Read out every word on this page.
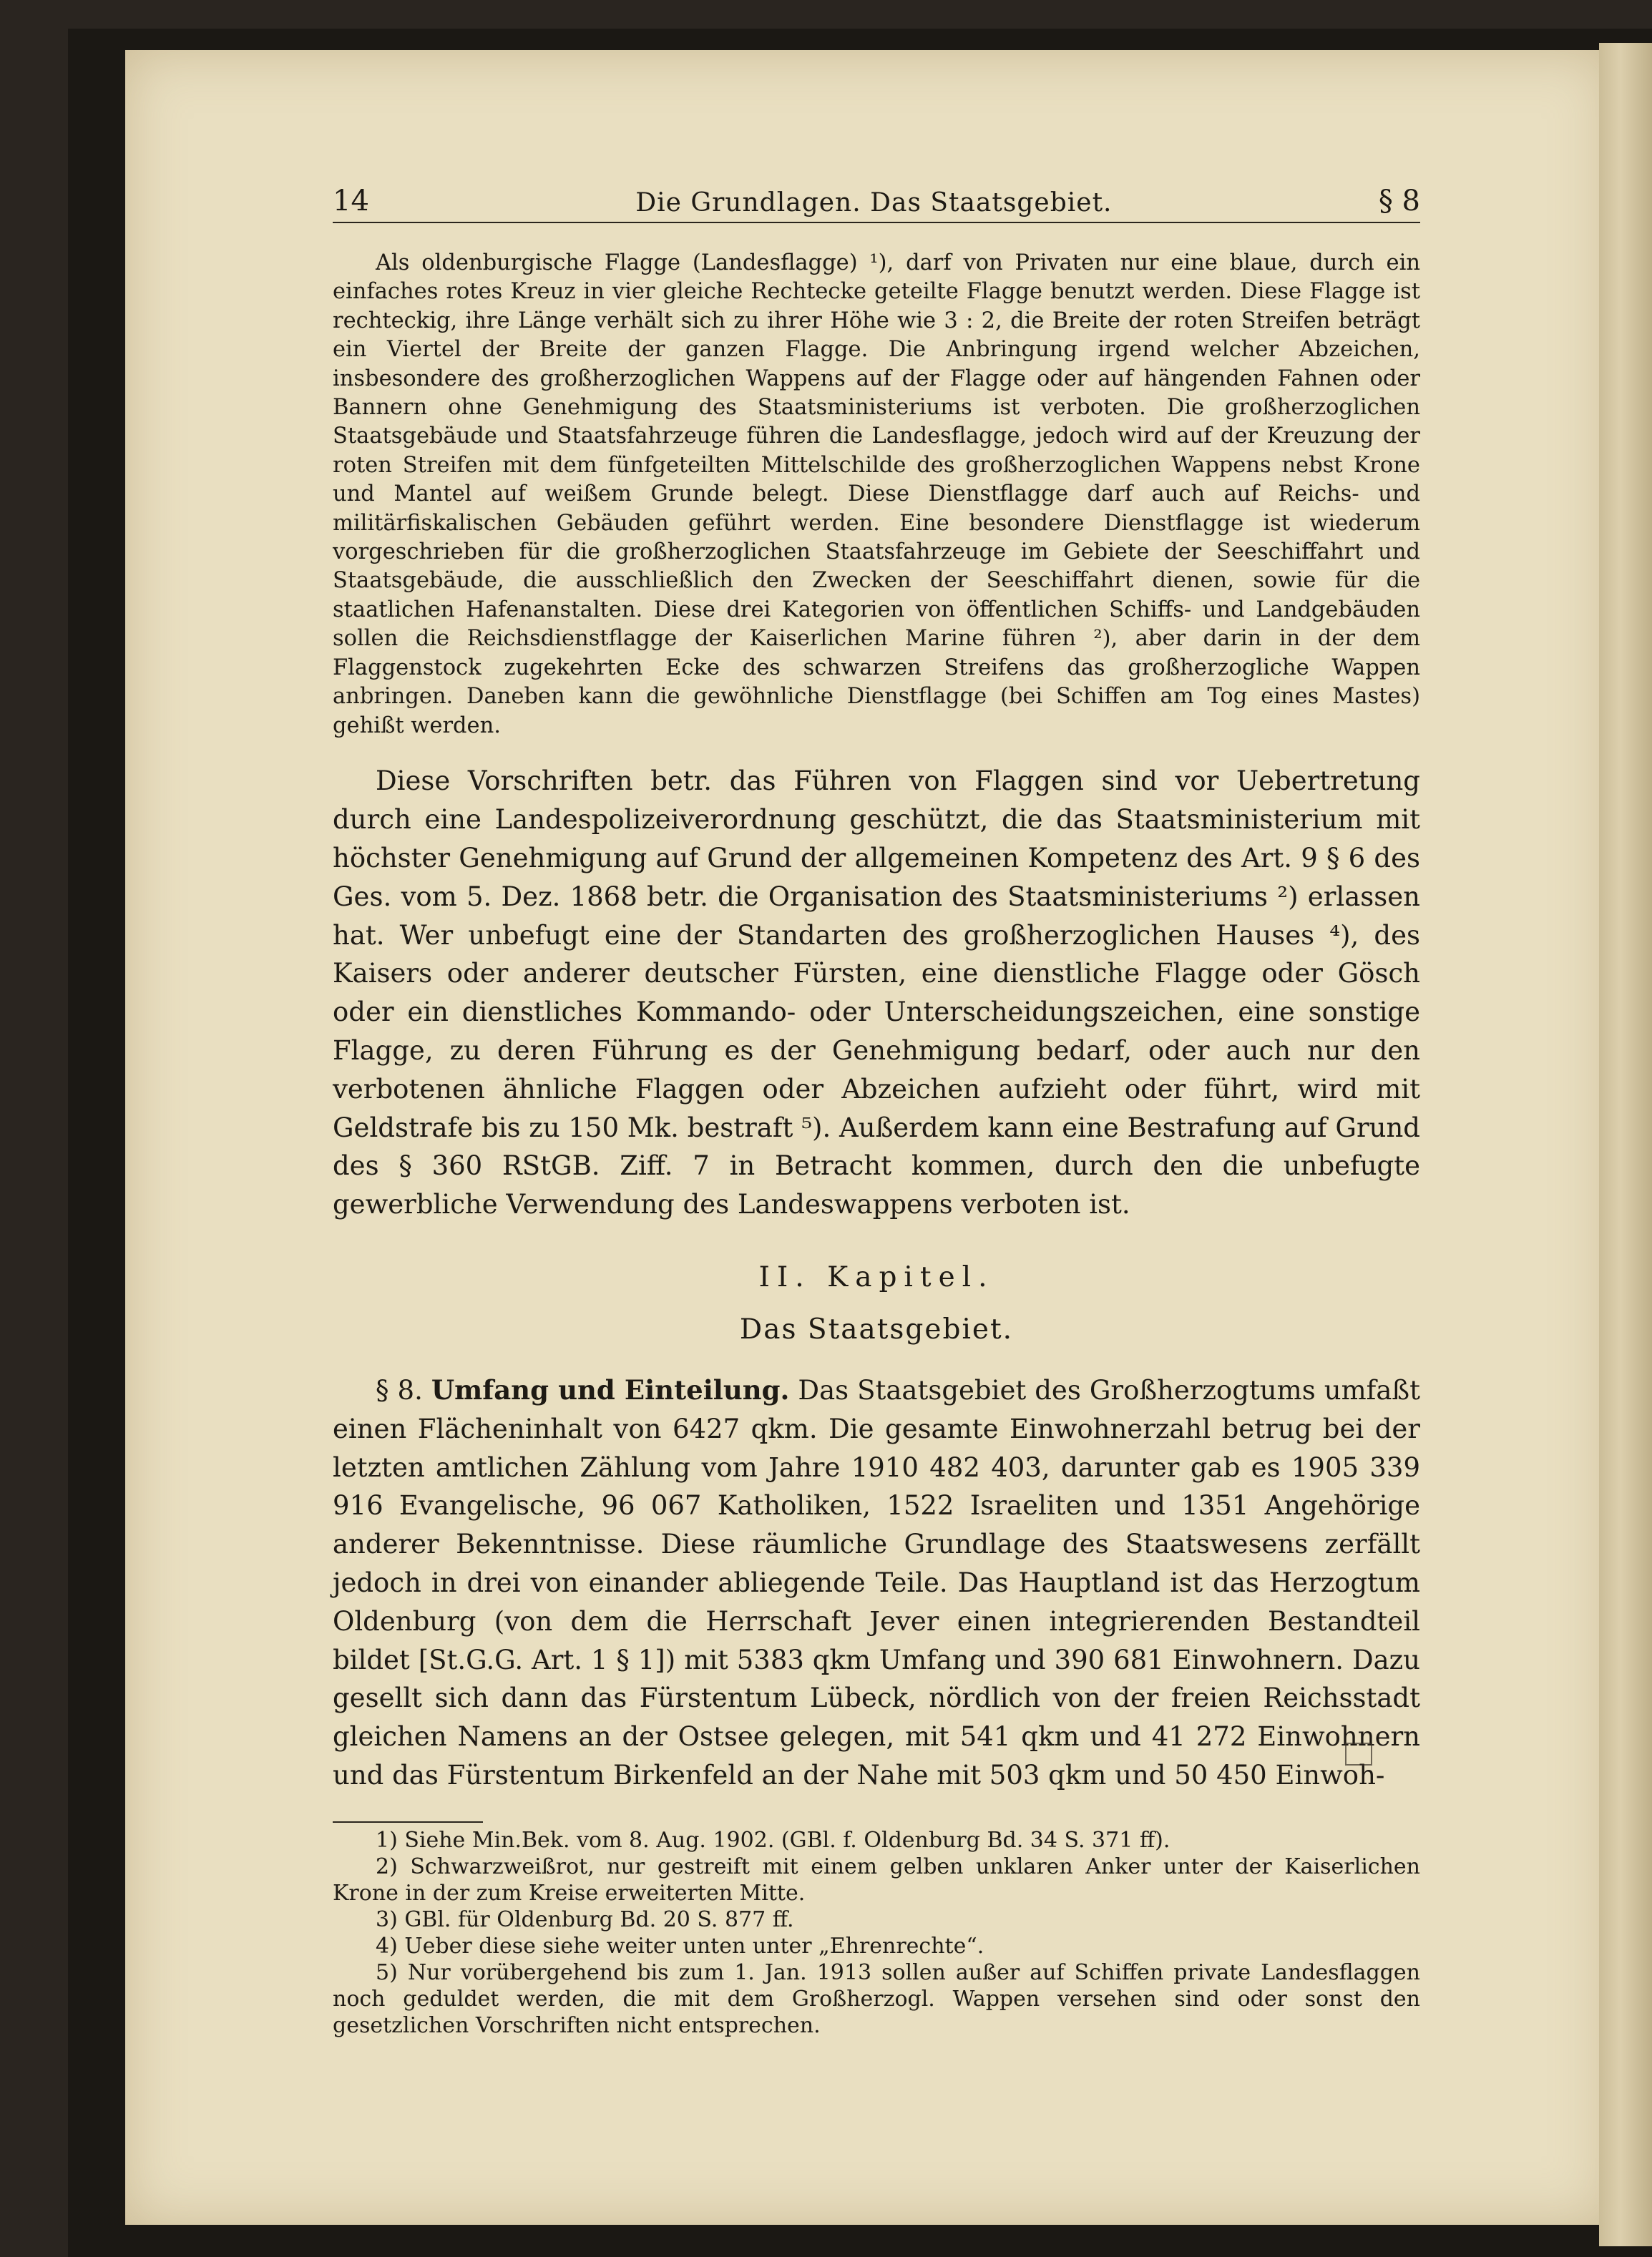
14	Die Grundlagen. Das Staatsgebiet.	§ 8

Als oldenburgische Flagge (Landesflagge) ¹), darf von Privaten nur eine blaue, durch ein einfaches rotes Kreuz in vier gleiche Rechtecke geteilte Flagge benutzt werden. Diese Flagge ist rechteckig, ihre Länge verhält sich zu ihrer Höhe wie 3 : 2, die Breite der roten Streifen beträgt ein Viertel der Breite der ganzen Flagge. Die Anbringung irgend welcher Abzeichen, insbesondere des großherzoglichen Wappens auf der Flagge oder auf hängenden Fahnen oder Bannern ohne Genehmigung des Staatsministeriums ist verboten. Die großherzoglichen Staatsgebäude und Staatsfahrzeuge führen die Landesflagge, jedoch wird auf der Kreuzung der roten Streifen mit dem fünfgeteilten Mittelschilde des großherzoglichen Wappens nebst Krone und Mantel auf weißem Grunde belegt. Diese Dienstflagge darf auch auf Reichs- und militärfiskalischen Gebäuden geführt werden. Eine besondere Dienstflagge ist wiederum vorgeschrieben für die großherzoglichen Staatsfahrzeuge im Gebiete der Seeschiffahrt und Staatsgebäude, die ausschließlich den Zwecken der Seeschiffahrt dienen, sowie für die staatlichen Hafenanstalten. Diese drei Kategorien von öffentlichen Schiffs- und Landgebäuden sollen die Reichsdienstflagge der Kaiserlichen Marine führen ²), aber darin in der dem Flaggenstock zugekehrten Ecke des schwarzen Streifens das großherzogliche Wappen anbringen. Daneben kann die gewöhnliche Dienstflagge (bei Schiffen am Tog eines Mastes) gehißt werden.

Diese Vorschriften betr. das Führen von Flaggen sind vor Uebertretung durch eine Landespolizeiverordnung geschützt, die das Staatsministerium mit höchster Genehmigung auf Grund der allgemeinen Kompetenz des Art. 9 § 6 des Ges. vom 5. Dez. 1868 betr. die Organisation des Staatsministeriums ²) erlassen hat. Wer unbefugt eine der Standarten des großherzoglichen Hauses ⁴), des Kaisers oder anderer deutscher Fürsten, eine dienstliche Flagge oder Gösch oder ein dienstliches Kommando- oder Unterscheidungszeichen, eine sonstige Flagge, zu deren Führung es der Genehmigung bedarf, oder auch nur den verbotenen ähnliche Flaggen oder Abzeichen aufzieht oder führt, wird mit Geldstrafe bis zu 150 Mk. bestraft ⁵). Außerdem kann eine Bestrafung auf Grund des § 360 RStGB. Ziff. 7 in Betracht kommen, durch den die unbefugte gewerbliche Verwendung des Landeswappens verboten ist.

II. Kapitel.
Das Staatsgebiet.

§ 8. Umfang und Einteilung. Das Staatsgebiet des Großherzogtums umfaßt einen Flächeninhalt von 6427 qkm. Die gesamte Einwohnerzahl betrug bei der letzten amtlichen Zählung vom Jahre 1910 482 403, darunter gab es 1905 339 916 Evangelische, 96 067 Katholiken, 1522 Israeliten und 1351 Angehörige anderer Bekenntnisse. Diese räumliche Grundlage des Staatswesens zerfällt jedoch in drei von einander abliegende Teile. Das Hauptland ist das Herzogtum Oldenburg (von dem die Herrschaft Jever einen integrierenden Bestandteil bildet [St.G.G. Art. 1 § 1]) mit 5383 qkm Umfang und 390 681 Einwohnern. Dazu gesellt sich dann das Fürstentum Lübeck, nördlich von der freien Reichsstadt gleichen Namens an der Ostsee gelegen, mit 541 qkm und 41 272 Einwohnern und das Fürstentum Birkenfeld an der Nahe mit 503 qkm und 50 450 Einwoh-

1) Siehe Min.Bek. vom 8. Aug. 1902. (GBl. f. Oldenburg Bd. 34 S. 371 ff).
2) Schwarzweißrot, nur gestreift mit einem gelben unklaren Anker unter der Kaiserlichen Krone in der zum Kreise erweiterten Mitte.
3) GBl. für Oldenburg Bd. 20 S. 877 ff.
4) Ueber diese siehe weiter unten unter „Ehrenrechte“.
5) Nur vorübergehend bis zum 1. Jan. 1913 sollen außer auf Schiffen private Landesflaggen noch geduldet werden, die mit dem Großherzogl. Wappen versehen sind oder sonst den gesetzlichen Vorschriften nicht entsprechen.
